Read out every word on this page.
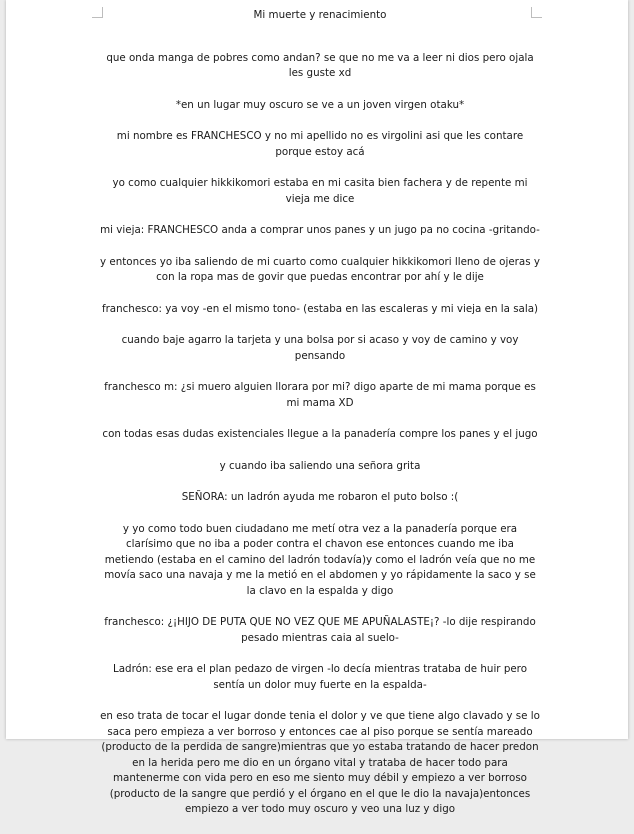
Mi muerte y renacimiento

que onda manga de pobres como andan? se que no me va a leer ni dios pero ojala les guste xd

*en un lugar muy oscuro se ve a un joven virgen otaku*

mi nombre es FRANCHESCO y no mi apellido no es virgolini asi que les contare porque estoy acá

yo como cualquier hikkikomori estaba en mi casita bien fachera y de repente mi vieja me dice

mi vieja: FRANCHESCO anda a comprar unos panes y un jugo pa no cocina -gritando-

y entonces yo iba saliendo de mi cuarto como cualquier hikkikomori lleno de ojeras y con la ropa mas de govir que puedas encontrar por ahí y le dije

franchesco: ya voy -en el mismo tono- (estaba en las escaleras y mi vieja en la sala)

cuando baje agarro la tarjeta y una bolsa por si acaso y voy de camino y voy pensando

franchesco m: ¿si muero alguien llorara por mi? digo aparte de mi mama porque es mi mama XD

con todas esas dudas existenciales llegue a la panadería compre los panes y el jugo

y cuando iba saliendo una señora grita

SEÑORA: un ladrón ayuda me robaron el puto bolso :(

y yo como todo buen ciudadano me metí otra vez a la panadería porque era clarísimo que no iba a poder contra el chavon ese entonces cuando me iba metiendo (estaba en el camino del ladrón todavía)y como el ladrón veía que no me movía saco una navaja y me la metió en el abdomen y yo rápidamente la saco y se la clavo en la espalda y digo

franchesco: ¿¡HIJO DE PUTA QUE NO VEZ QUE ME APUÑALASTE¡? -lo dije respirando pesado mientras caia al suelo-

Ladrón: ese era el plan pedazo de virgen -lo decía mientras trataba de huir pero sentía un dolor muy fuerte en la espalda-

en eso trata de tocar el lugar donde tenia el dolor y ve que tiene algo clavado y se lo saca pero empieza a ver borroso y entonces cae al piso porque se sentía mareado (producto de la perdida de sangre)mientras que yo estaba tratando de hacer predon en la herida pero me dio en un órgano vital y trataba de hacer todo para mantenerme con vida pero en eso me siento muy débil y empiezo a ver borroso (producto de la sangre que perdió y el órgano en el que le dio la navaja)entonces empiezo a ver todo muy oscuro y veo una luz y digo
